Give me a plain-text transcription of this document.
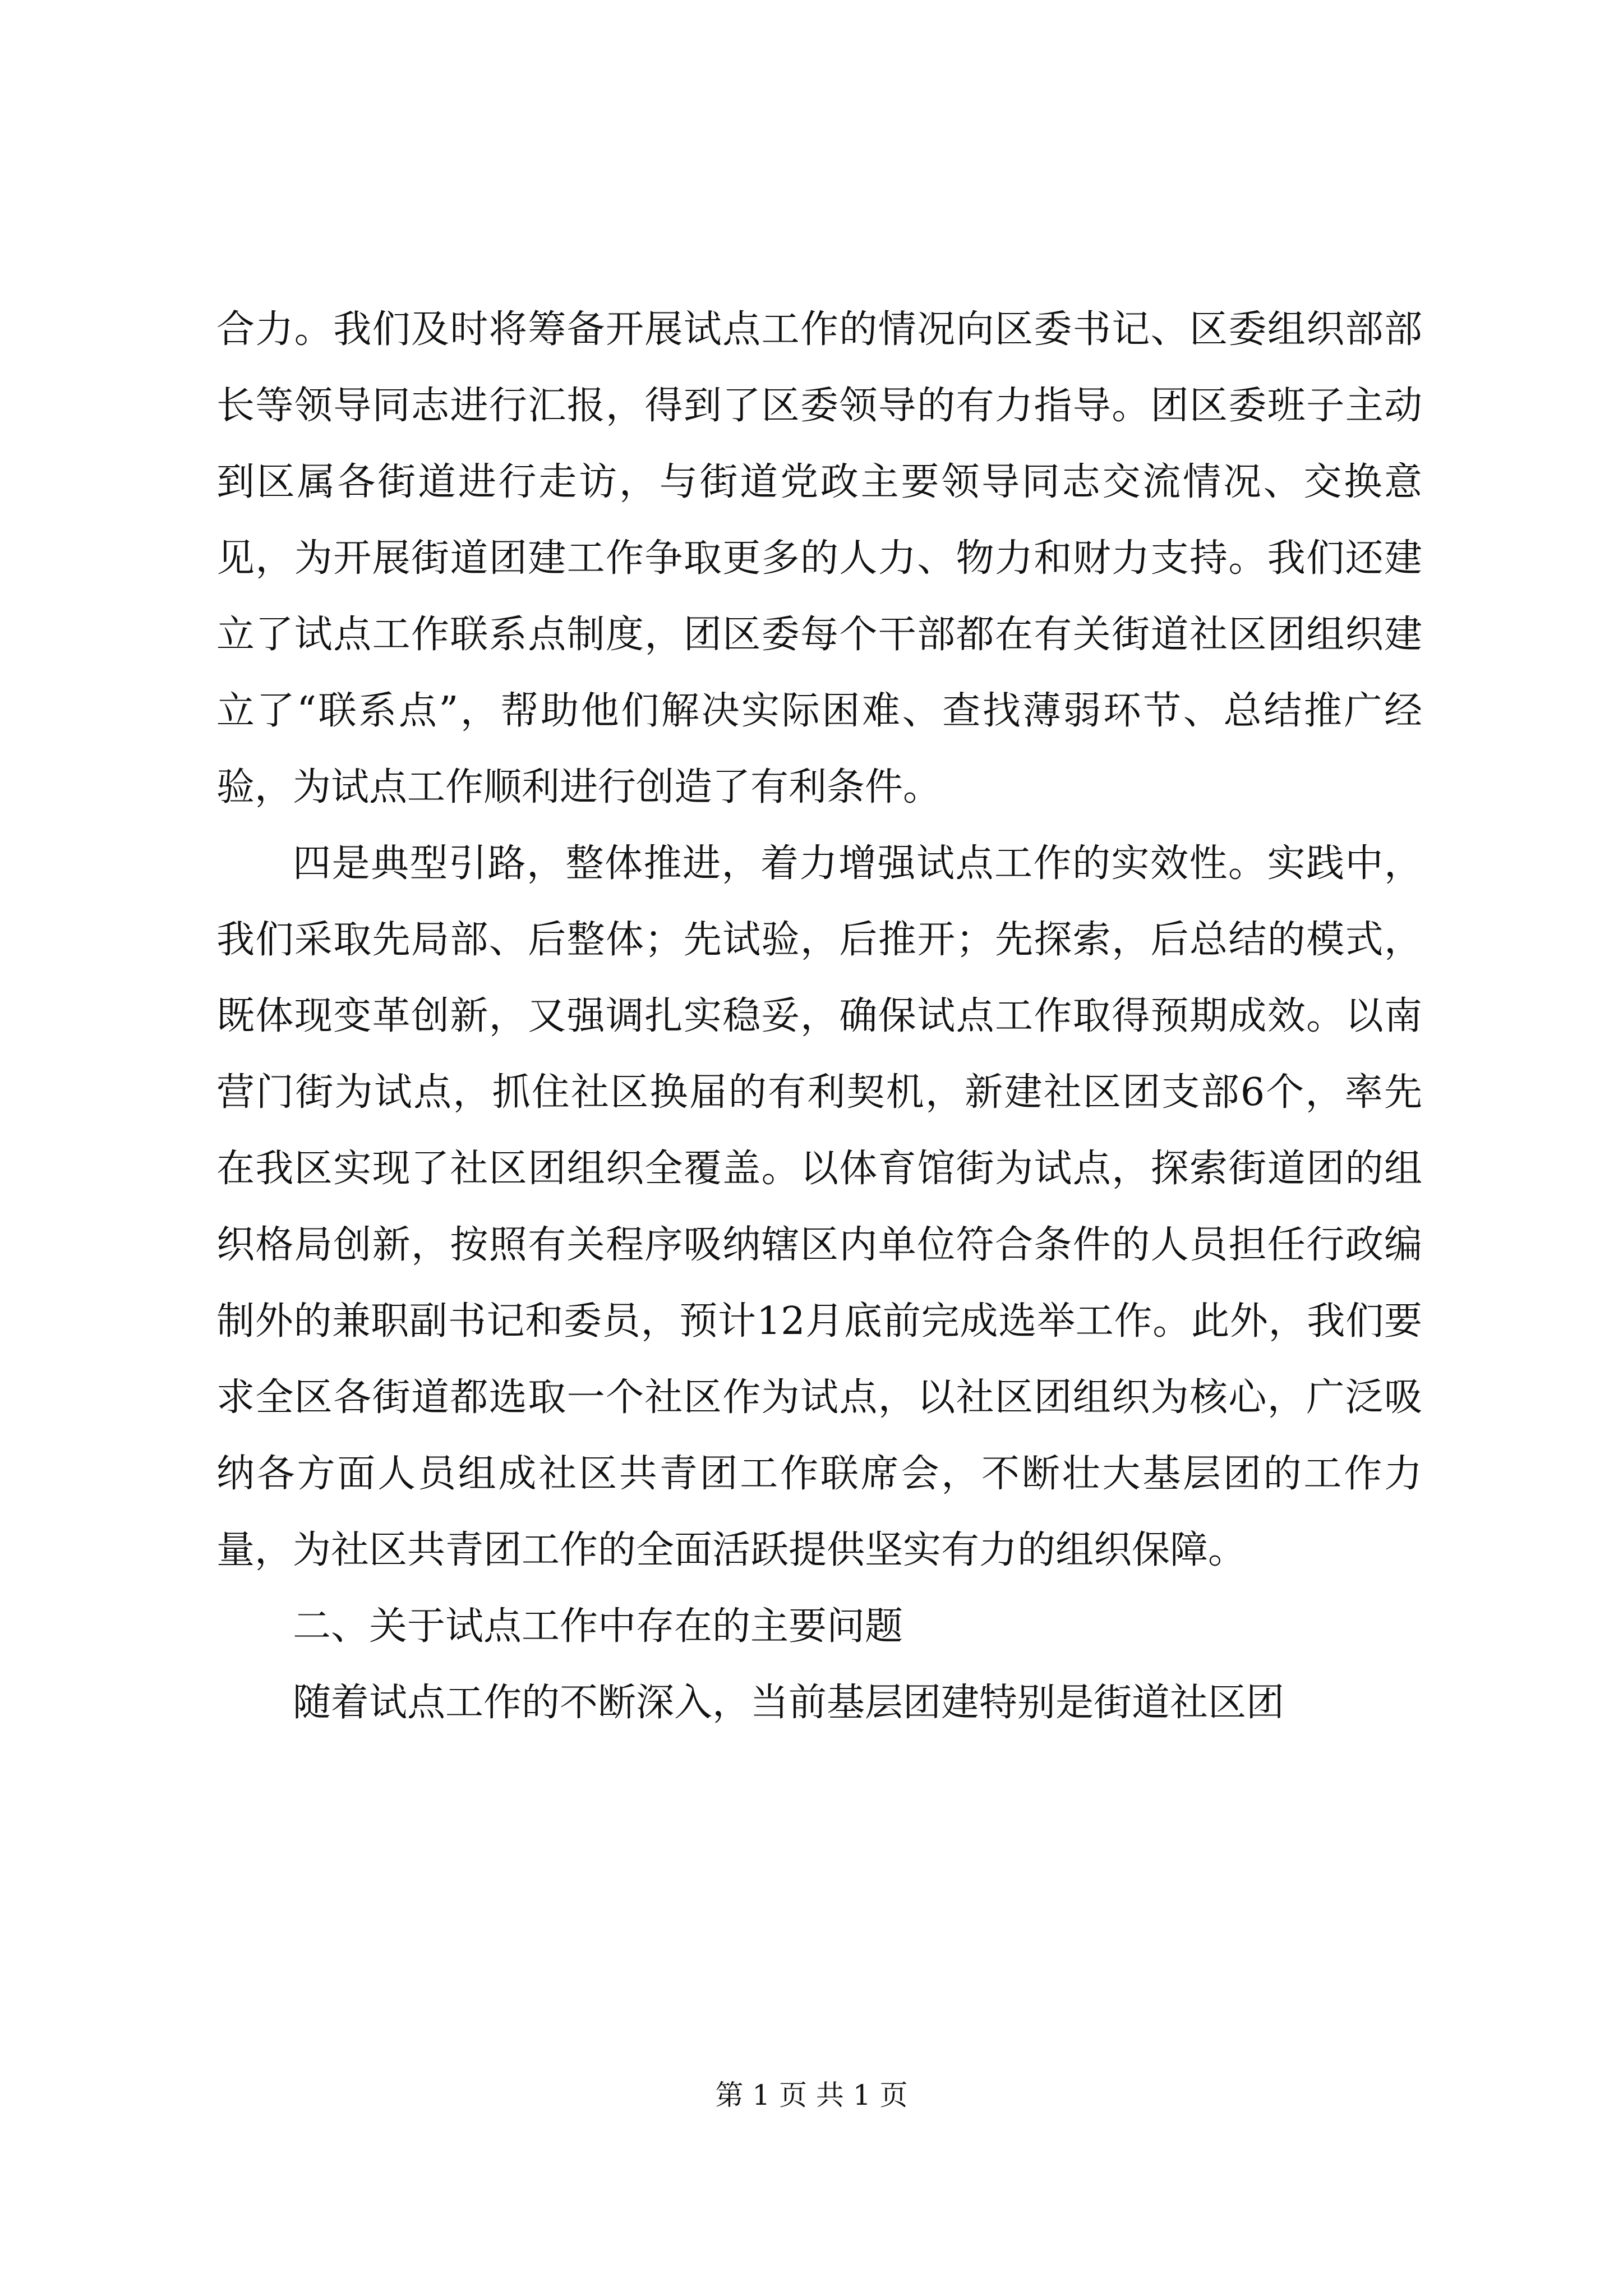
合力。我们及时将筹备开展试点工作的情况向区委书记、区委组织部部长等领导同志进行汇报，得到了区委领导的有力指导。团区委班子主动到区属各街道进行走访，与街道党政主要领导同志交流情况、交换意见，为开展街道团建工作争取更多的人力、物力和财力支持。我们还建立了试点工作联系点制度，团区委每个干部都在有关街道社区团组织建立了“联系点”，帮助他们解决实际困难、查找薄弱环节、总结推广经验，为试点工作顺利进行创造了有利条件。

四是典型引路，整体推进，着力增强试点工作的实效性。实践中，我们采取先局部、后整体；先试验，后推开；先探索，后总结的模式，既体现变革创新，又强调扎实稳妥，确保试点工作取得预期成效。以南营门街为试点，抓住社区换届的有利契机，新建社区团支部6个，率先在我区实现了社区团组织全覆盖。以体育馆街为试点，探索街道团的组织格局创新，按照有关程序吸纳辖区内单位符合条件的人员担任行政编制外的兼职副书记和委员，预计12月底前完成选举工作。此外，我们要求全区各街道都选取一个社区作为试点，以社区团组织为核心，广泛吸纳各方面人员组成社区共青团工作联席会，不断壮大基层团的工作力量，为社区共青团工作的全面活跃提供坚实有力的组织保障。

二、关于试点工作中存在的主要问题

随着试点工作的不断深入，当前基层团建特别是街道社区团

第 1 页 共 1 页
